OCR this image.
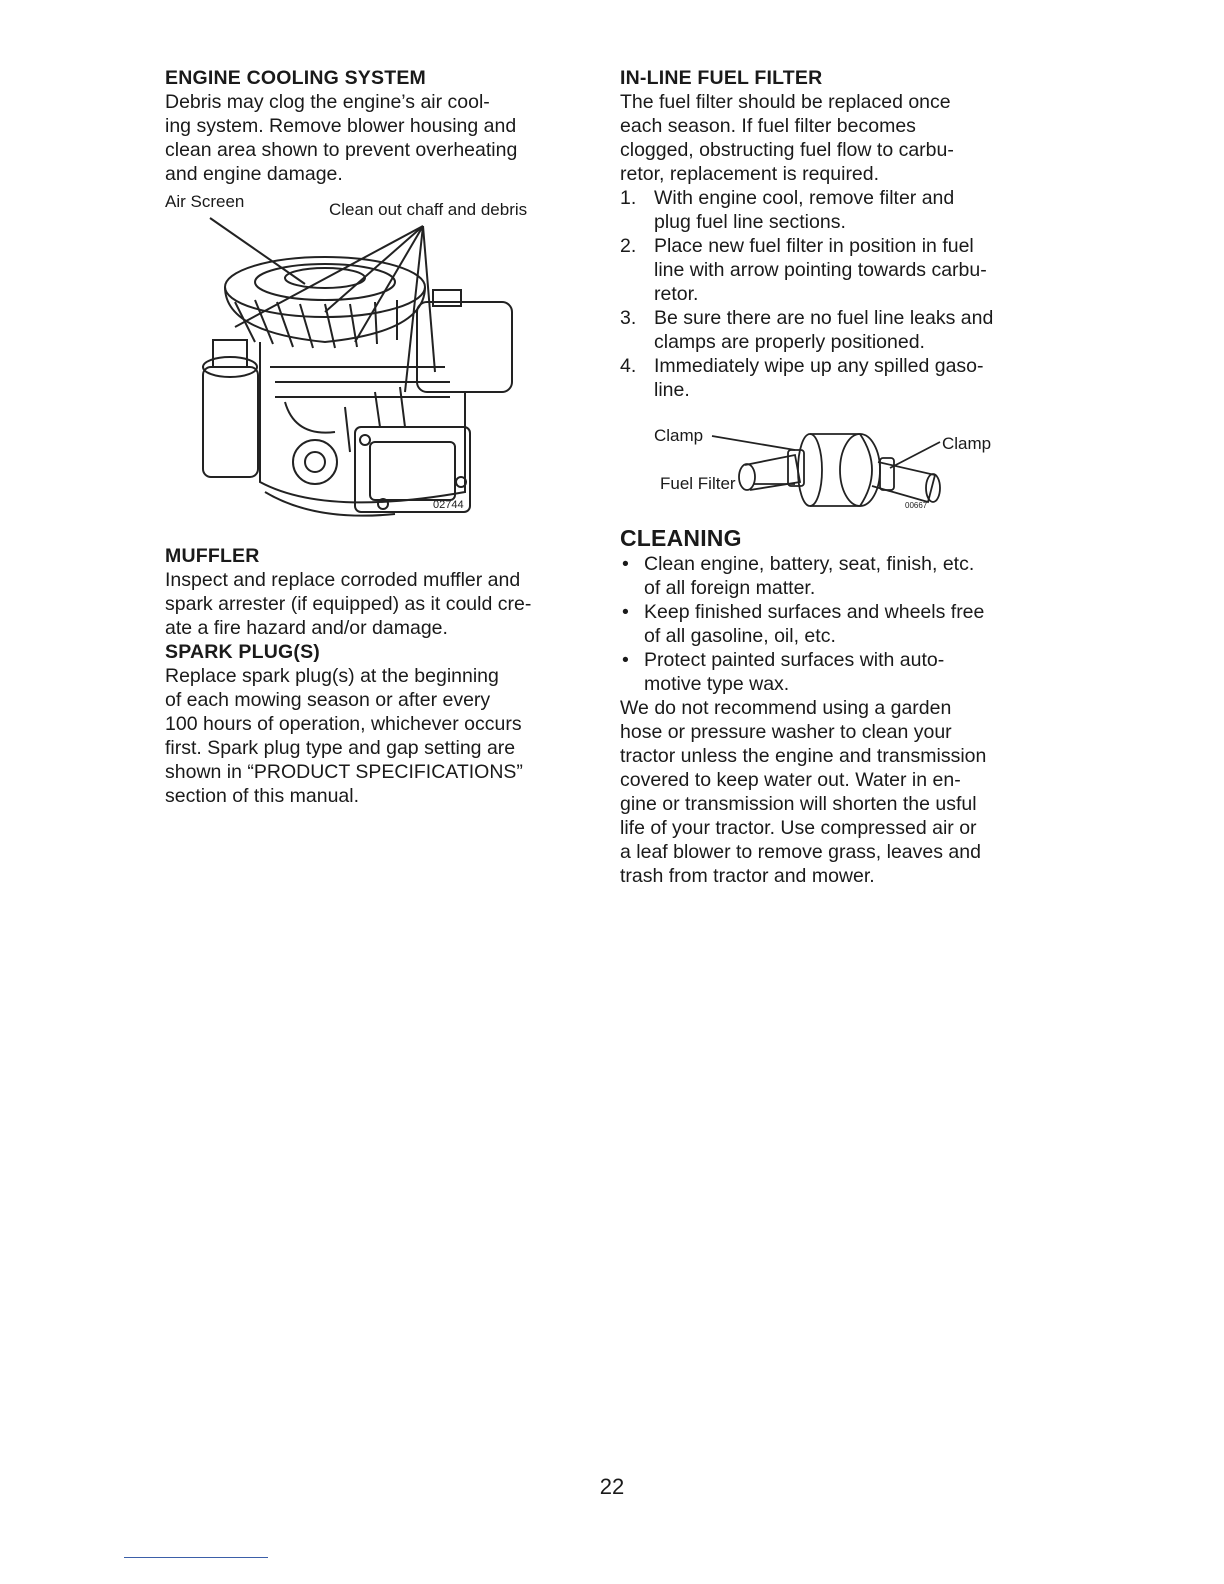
ENGINE COOLING SYSTEM

Debris may clog the engine’s air cool-
ing system. Remove blower housing and
clean area shown to prevent overheating
and engine damage.

Air Screen	Clean out chaff and debris
02744
MUFFLER

Inspect and replace corroded muffler and
spark arrester (if equipped) as it could cre-
ate a fire hazard and/or damage.

SPARK PLUG(S)

Replace spark plug(s) at the beginning
of each mowing season or after every
100 hours of operation, whichever occurs
first. Spark plug type and gap setting are
shown in “PRODUCT SPECIFICATIONS”
section of this manual.

IN-LINE FUEL FILTER

The fuel filter should be replaced once
each season. If fuel filter becomes
clogged, obstructing fuel flow to carbu-
retor, replacement is required.

1. With engine cool, remove filter and
plug fuel line sections.
2. Place new fuel filter in position in fuel
line with arrow pointing towards carbu-
retor.
3. Be sure there are no fuel line leaks and
clamps are properly positioned.
4. Immediately wipe up any spilled gaso-
line.
Clamp	Clamp
Fuel Filter
00667
CLEANING
• Clean engine, battery, seat, finish, etc.
of all foreign matter.
• Keep finished surfaces and wheels free
of all gasoline, oil, etc.
• Protect painted surfaces with auto-
motive type wax.

We do not recommend using a garden
hose or pressure washer to clean your
tractor unless the engine and transmission
covered to keep water out. Water in en-
gine or transmission will shorten the usful
life of your tractor. Use compressed air or
a leaf blower to remove grass, leaves and
trash from tractor and mower.

22
